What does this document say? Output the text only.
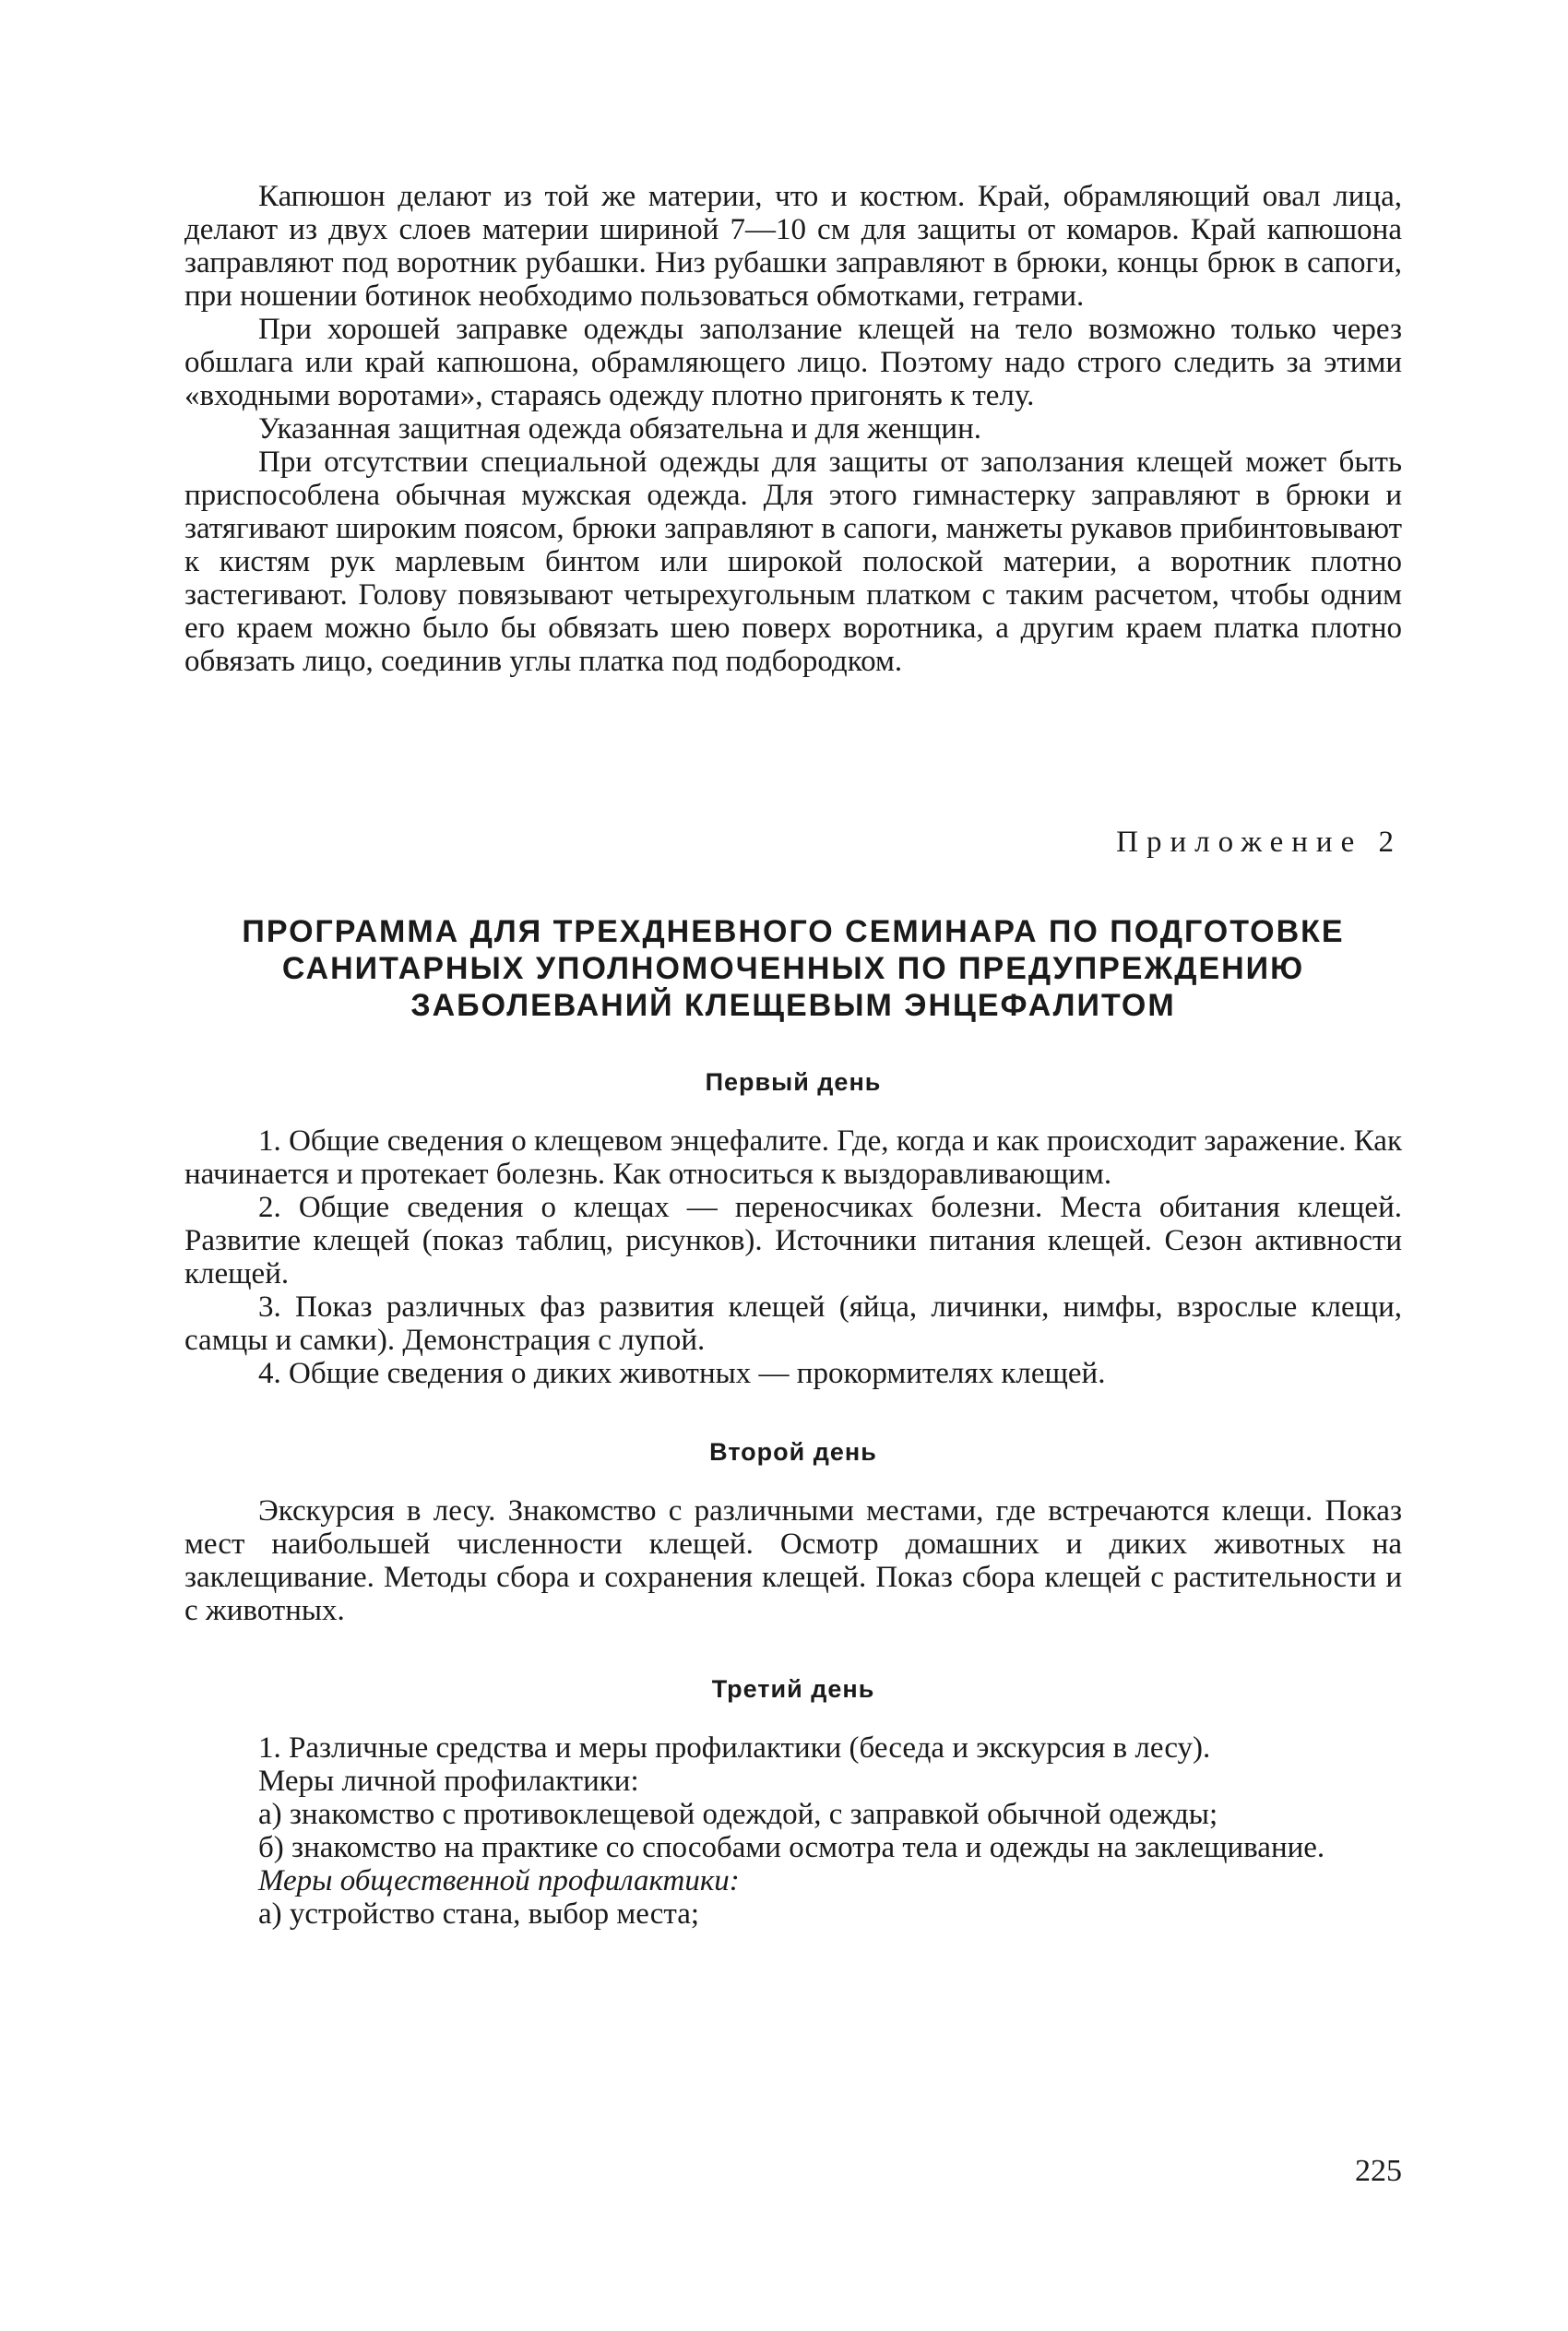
Капюшон делают из той же материи, что и костюм. Край, обрамляющий овал лица, делают из двух слоев материи шириной 7—10 см для защиты от комаров. Край капюшона заправляют под воротник рубашки. Низ рубашки заправляют в брюки, концы брюк в сапоги, при ношении ботинок необходимо пользоваться обмотками, гетрами.

При хорошей заправке одежды заползание клещей на тело возможно только через обшлага или край капюшона, обрамляющего лицо. Поэтому надо строго следить за этими «входными воротами», стараясь одежду плотно пригонять к телу.

Указанная защитная одежда обязательна и для женщин.

При отсутствии специальной одежды для защиты от заползания клещей может быть приспособлена обычная мужская одежда. Для этого гимнастерку заправляют в брюки и затягивают широким поясом, брюки заправляют в сапоги, манжеты рукавов прибинтовывают к кистям рук марлевым бинтом или широкой полоской материи, а воротник плотно застегивают. Голову повязывают четырехугольным платком с таким расчетом, чтобы одним его краем можно было бы обвязать шею поверх воротника, а другим краем платка плотно обвязать лицо, соединив углы платка под подбородком.

Приложение 2
ПРОГРАММА ДЛЯ ТРЕХДНЕВНОГО СЕМИНАРА ПО ПОДГОТОВКЕ
САНИТАРНЫХ УПОЛНОМОЧЕННЫХ ПО ПРЕДУПРЕЖДЕНИЮ
ЗАБОЛЕВАНИЙ КЛЕЩЕВЫМ ЭНЦЕФАЛИТОМ
Первый день

1. Общие сведения о клещевом энцефалите. Где, когда и как происходит заражение. Как начинается и протекает болезнь. Как относиться к выздоравливающим.

2. Общие сведения о клещах — переносчиках болезни. Места обитания клещей. Развитие клещей (показ таблиц, рисунков). Источники питания клещей. Сезон активности клещей.

3. Показ различных фаз развития клещей (яйца, личинки, нимфы, взрослые клещи, самцы и самки). Демонстрация с лупой.

4. Общие сведения о диких животных — прокормителях клещей.

Второй день

Экскурсия в лесу. Знакомство с различными местами, где встречаются клещи. Показ мест наибольшей численности клещей. Осмотр домашних и диких животных на заклещивание. Методы сбора и сохранения клещей. Показ сбора клещей с растительности и с животных.

Третий день

1. Различные средства и меры профилактики (беседа и экскурсия в лесу).

Меры личной профилактики:

а) знакомство с противоклещевой одеждой, с заправкой обычной одежды;

б) знакомство на практике со способами осмотра тела и одежды на заклещивание.

Меры общественной профилактики:

а) устройство стана, выбор места;

225
